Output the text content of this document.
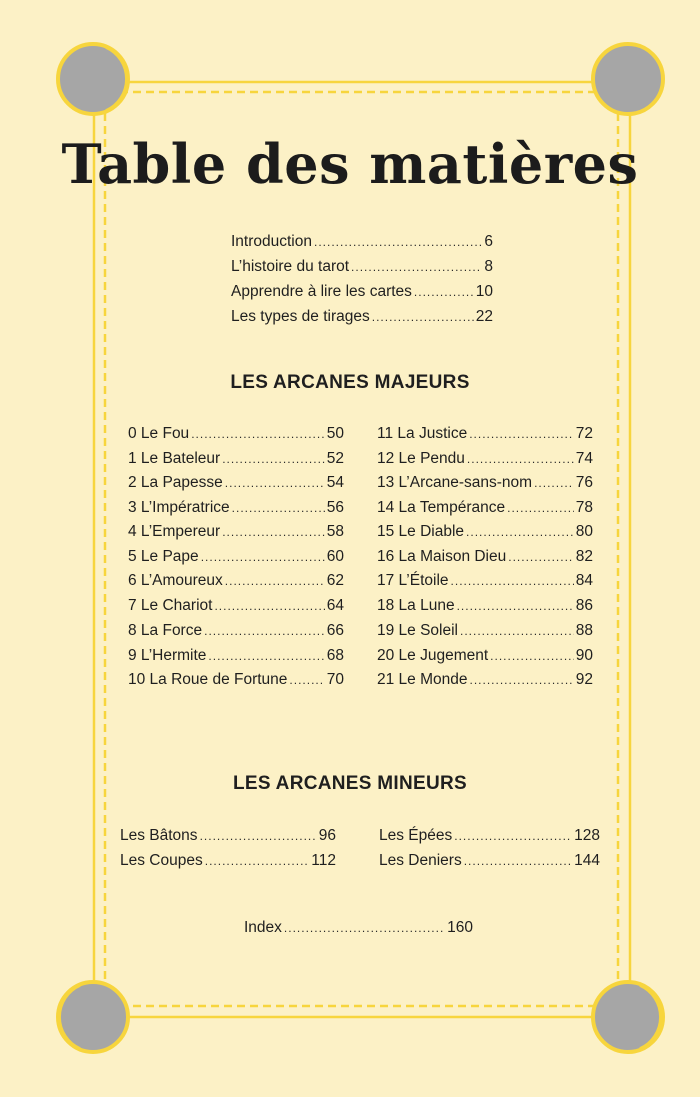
Table des matières
Introduction .....	6
L’histoire du tarot .....	8
Apprendre à lire les cartes .....	10
Les types de tirages .....	22
LES ARCANES MAJEURS
0 Le Fou .....	50
1 Le Bateleur .....	52
2 La Papesse .....	54
3 L’Impératrice .....	56
4 L’Empereur .....	58
5 Le Pape .....	60
6 L’Amoureux .....	62
7 Le Chariot .....	64
8 La Force .....	66
9 L’Hermite .....	68
10 La Roue de Fortune .....	70
11 La Justice .....	72
12 Le Pendu .....	74
13 L’Arcane-sans-nom .....	76
14 La Tempérance .....	78
15 Le Diable .....	80
16 La Maison Dieu .....	82
17 L’Étoile .....	84
18 La Lune .....	86
19 Le Soleil .....	88
20 Le Jugement .....	90
21 Le Monde .....	92
LES ARCANES MINEURS
Les Bâtons .....	96
Les Coupes .....	112
Les Épées .....	128
Les Deniers .....	144
Index .....	160
